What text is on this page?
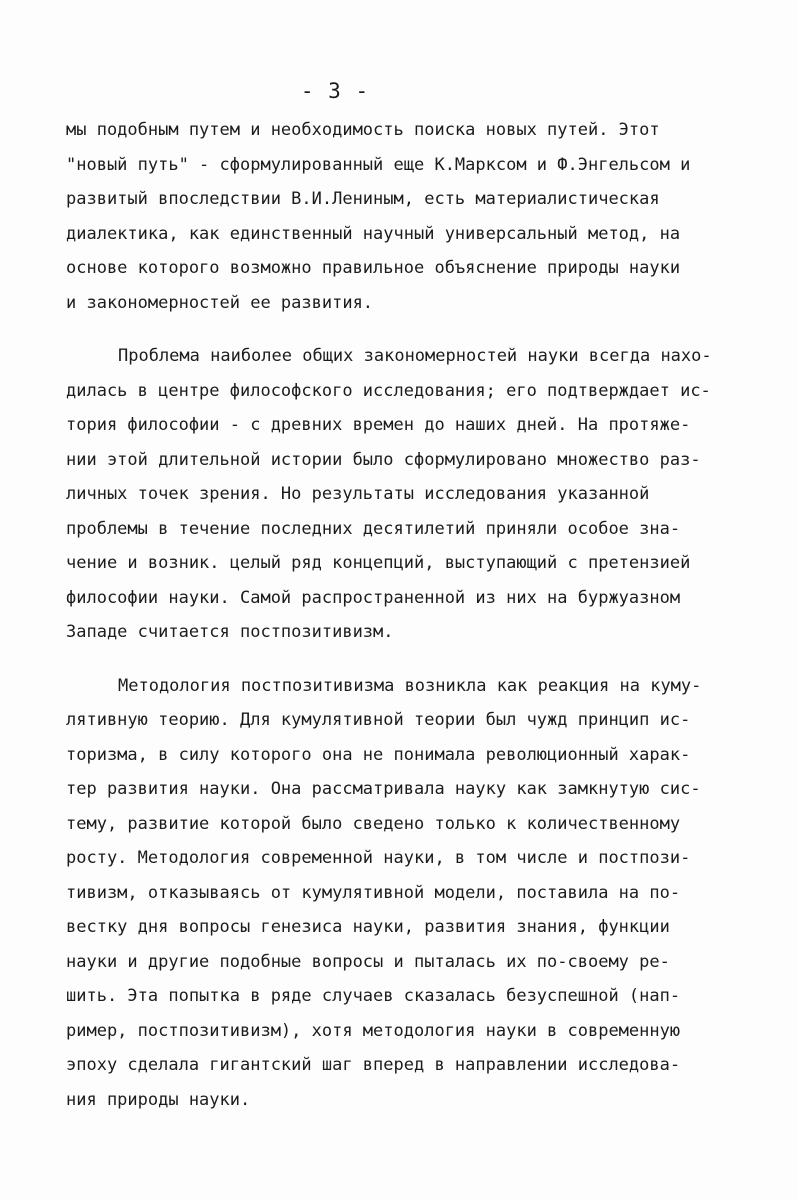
- 3 -
мы подобным путем и необходимость поиска новых путей. Этот
"новый путь" - сформулированный еще К.Марксом и Ф.Энгельсом и
развитый впоследствии В.И.Лениным, есть материалистическая
диалектика, как единственный научный универсальный метод, на
основе которого возможно правильное объяснение природы науки
и закономерностей ее развития.
Проблема наиболее общих закономерностей науки всегда нахо-
дилась в центре философского исследования; его подтверждает ис-
тория философии - с древних времен до наших дней. На протяже-
нии этой длительной истории было сформулировано множество раз-
личных точек зрения. Но результаты исследования указанной
проблемы в течение последних десятилетий приняли особое зна-
чение и возник. целый ряд концепций, выступающий с претензией
философии науки. Самой распространенной из них на буржуазном
Западе считается постпозитивизм.
Методология постпозитивизма возникла как реакция на куму-
лятивную теорию. Для кумулятивной теории был чужд принцип ис-
торизма, в силу которого она не понимала революционный харак-
тер развития науки. Она рассматривала науку как замкнутую сис-
тему, развитие которой было сведено только к количественному
росту. Методология современной науки, в том числе и постпози-
тивизм, отказываясь от кумулятивной модели, поставила на по-
вестку дня вопросы генезиса науки, развития знания, функции
науки и другие подобные вопросы и пыталась их по-своему ре-
шить. Эта попытка в ряде случаев сказалась безуспешной (нап-
ример, постпозитивизм), хотя методология науки в современную
эпоху сделала гигантский шаг вперед в направлении исследова-
ния природы науки.
